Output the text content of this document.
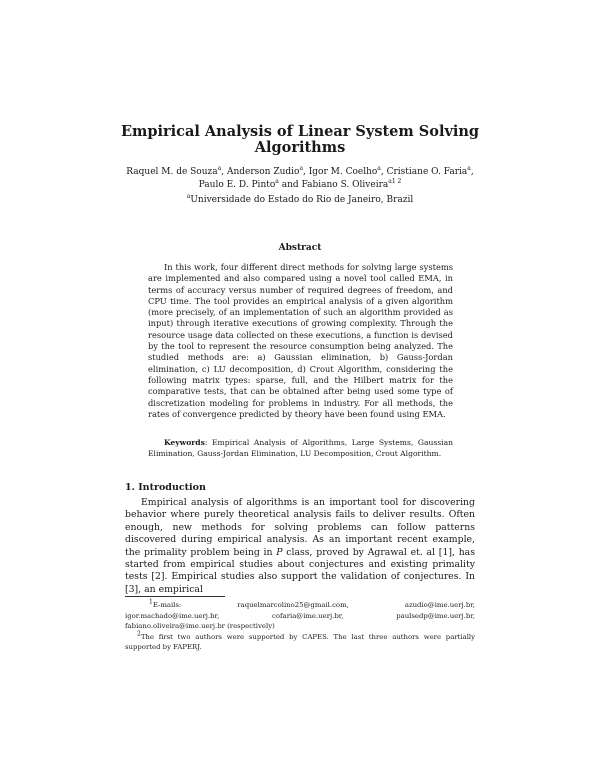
Empirical Analysis of Linear System Solving Algorithms
Raquel M. de Souza$^a$, Anderson Zudio$^a$, Igor M. Coelho$^a$, Cristiane O. Faria$^a$,
Paulo E. D. Pinto$^a$ and Fabiano S. Oliveira$^{a1 2}$
$^a$Universidade do Estado do Rio de Janeiro, Brazil
Abstract
In this work, four different direct methods for solving large systems are implemented and also compared using a novel tool called EMA, in terms of accuracy versus number of required degrees of freedom, and CPU time. The tool provides an empirical analysis of a given algorithm (more precisely, of an implementation of such an algorithm provided as input) through iterative executions of growing complexity. Through the resource usage data collected on these executions, a function is devised by the tool to represent the resource consumption being analyzed. The studied methods are: a) Gaussian elimination, b) Gauss-Jordan elimination, c) LU decomposition, d) Crout Algorithm, considering the following matrix types: sparse, full, and the Hilbert matrix for the comparative tests, that can be obtained after being used some type of discretization modeling for problems in industry. For all methods, the rates of convergence predicted by theory have been found using EMA.
Keywords: Empirical Analysis of Algorithms, Large Systems, Gaussian Elimination, Gauss-Jordan Elimination, LU Decomposition, Crout Algorithm.
1. Introduction
Empirical analysis of algorithms is an important tool for discovering behavior where purely theoretical analysis fails to deliver results. Often enough, new methods for solving problems can follow patterns discovered during empirical analysis. As an important recent example, the primality problem being in P class, proved by Agrawal et. al [1], has started from empirical studies about conjectures and existing primality tests [2]. Empirical studies also support the validation of conjectures. In [3], an empirical

$^1$E-mails:	raquelmarcolino25@gmail.com,	azudio@ime.uerj.br,

igor.machado@ime.uerj.br, cofaria@ime.uerj.br, paulsedp@ime.uerj.br, fabiano.oliveira@ime.uerj.br (respectively)

$^2$The first two authors were supported by CAPES. The last three authors were partially supported by FAPERJ.
